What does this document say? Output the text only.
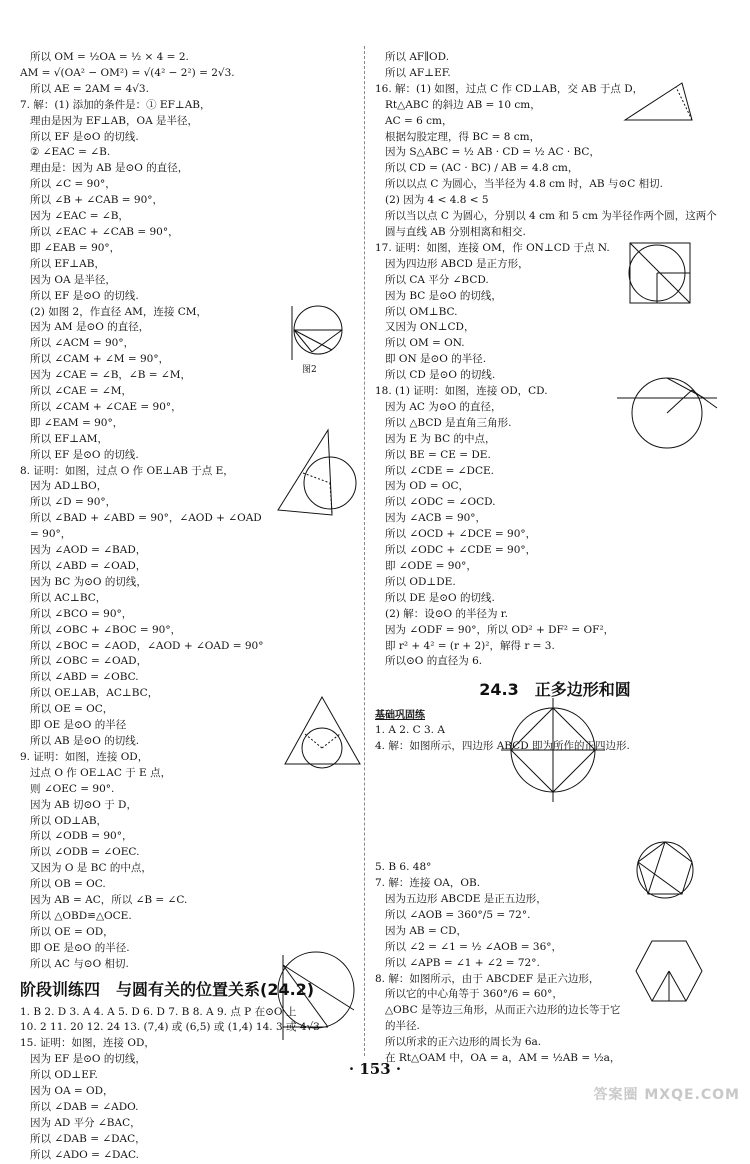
所以 OM = ½OA = ½ × 4 = 2.
AM = √(OA² − OM²) = √(4² − 2²) = 2√3.
所以 AE = 2AM = 4√3.
7. 解：(1) 添加的条件是：① EF⊥AB，
理由是因为 EF⊥AB，OA 是半径，
所以 EF 是⊙O 的切线.
② ∠EAC = ∠B.
理由是：因为 AB 是⊙O 的直径，
所以 ∠C = 90°，
所以 ∠B + ∠CAB = 90°，
因为 ∠EAC = ∠B，
所以 ∠EAC + ∠CAB = 90°，
即 ∠EAB = 90°，
所以 EF⊥AB，
因为 OA 是半径，
所以 EF 是⊙O 的切线.
(2) 如图 2，作直径 AM，连接 CM，
因为 AM 是⊙O 的直径，
所以 ∠ACM = 90°，
所以 ∠CAM + ∠M = 90°，
因为 ∠CAE = ∠B，∠B = ∠M，
所以 ∠CAE = ∠M，
所以 ∠CAM + ∠CAE = 90°，
即 ∠EAM = 90°，
所以 EF⊥AM，
所以 EF 是⊙O 的切线.
8. 证明：如图，过点 O 作 OE⊥AB 于点 E，
因为 AD⊥BO，
所以 ∠D = 90°，
所以 ∠BAD + ∠ABD = 90°，∠AOD + ∠OAD
= 90°，
因为 ∠AOD = ∠BAD，
所以 ∠ABD = ∠OAD，
因为 BC 为⊙O 的切线，
所以 AC⊥BC，
所以 ∠BCO = 90°，
所以 ∠OBC + ∠BOC = 90°，
所以 ∠BOC = ∠AOD，∠AOD + ∠OAD = 90°
所以 ∠OBC = ∠OAD，
所以 ∠ABD = ∠OBC.
所以 OE⊥AB，AC⊥BC，
所以 OE = OC，
即 OE 是⊙O 的半径
所以 AB 是⊙O 的切线.
9. 证明：如图，连接 OD，
过点 O 作 OE⊥AC 于 E 点，
则 ∠OEC = 90°.
因为 AB 切⊙O 于 D，
所以 OD⊥AB，
所以 ∠ODB = 90°，
所以 ∠ODB = ∠OEC.
又因为 O 是 BC 的中点，
所以 OB = OC.
因为 AB = AC，所以 ∠B = ∠C.
所以 △OBD≌△OCE.
所以 OE = OD，
即 OE 是⊙O 的半径.
所以 AC 与⊙O 相切.
阶段训练四　与圆有关的位置关系(24.2)
1. B 2. D 3. A 4. A 5. D 6. D 7. B 8. A 9. 点 P 在⊙O 上
10. 2 11. 20 12. 24 13. (7,4) 或 (6,5) 或 (1,4) 14. 3 或 4√3
15. 证明：如图，连接 OD，
因为 EF 是⊙O 的切线，
所以 OD⊥EF.
因为 OA = OD，
所以 ∠DAB = ∠ADO.
因为 AD 平分 ∠BAC，
所以 ∠DAB = ∠DAC，
所以 ∠ADO = ∠DAC.
所以 AF∥OD.
所以 AF⊥EF.
16. 解：(1) 如图，过点 C 作 CD⊥AB，交 AB 于点 D，
Rt△ABC 的斜边 AB = 10 cm，
AC = 6 cm，
根据勾股定理，得 BC = 8 cm，
因为 S△ABC = ½ AB · CD = ½ AC · BC，
所以 CD = (AC · BC) / AB = 4.8 cm，
所以以点 C 为圆心，当半径为 4.8 cm 时，AB 与⊙C 相切.
(2) 因为 4 < 4.8 < 5
所以当以点 C 为圆心，分别以 4 cm 和 5 cm 为半径作两个圆，这两个
圆与直线 AB 分别相离和相交.
17. 证明：如图，连接 OM，作 ON⊥CD 于点 N.
因为四边形 ABCD 是正方形，
所以 CA 平分 ∠BCD.
因为 BC 是⊙O 的切线，
所以 OM⊥BC.
又因为 ON⊥CD，
所以 OM = ON.
即 ON 是⊙O 的半径.
所以 CD 是⊙O 的切线.
18. (1) 证明：如图，连接 OD，CD.
因为 AC 为⊙O 的直径，
所以 △BCD 是直角三角形.
因为 E 为 BC 的中点，
所以 BE = CE = DE.
所以 ∠CDE = ∠DCE.
因为 OD = OC，
所以 ∠ODC = ∠OCD.
因为 ∠ACB = 90°，
所以 ∠OCD + ∠DCE = 90°，
所以 ∠ODC + ∠CDE = 90°，
即 ∠ODE = 90°，
所以 OD⊥DE.
所以 DE 是⊙O 的切线.
(2) 解：设⊙O 的半径为 r.
因为 ∠ODF = 90°，所以 OD² + DF² = OF²，
即 r² + 4² = (r + 2)²，解得 r = 3.
所以⊙O 的直径为 6.
24.3　正多边形和圆
基础巩固练
1. A 2. C 3. A
4. 解：如图所示，四边形 ABCD 即为所作的正四边形.
5. B 6. 48°
7. 解：连接 OA，OB.
因为五边形 ABCDE 是正五边形，
所以 ∠AOB = 360°/5 = 72°.
因为 AB = CD，
所以 ∠2 = ∠1 = ½ ∠AOB = 36°，
所以 ∠APB = ∠1 + ∠2 = 72°.
8. 解：如图所示，由于 ABCDEF 是正六边形，
所以它的中心角等于 360°/6 = 60°，
△OBC 是等边三角形，从而正六边形的边长等于它
的半径.
所以所求的正六边形的周长为 6a.
在 Rt△OAM 中，OA = a，AM = ½AB = ½a，
图2
· 153 ·
答案圈 MXQE.COM
